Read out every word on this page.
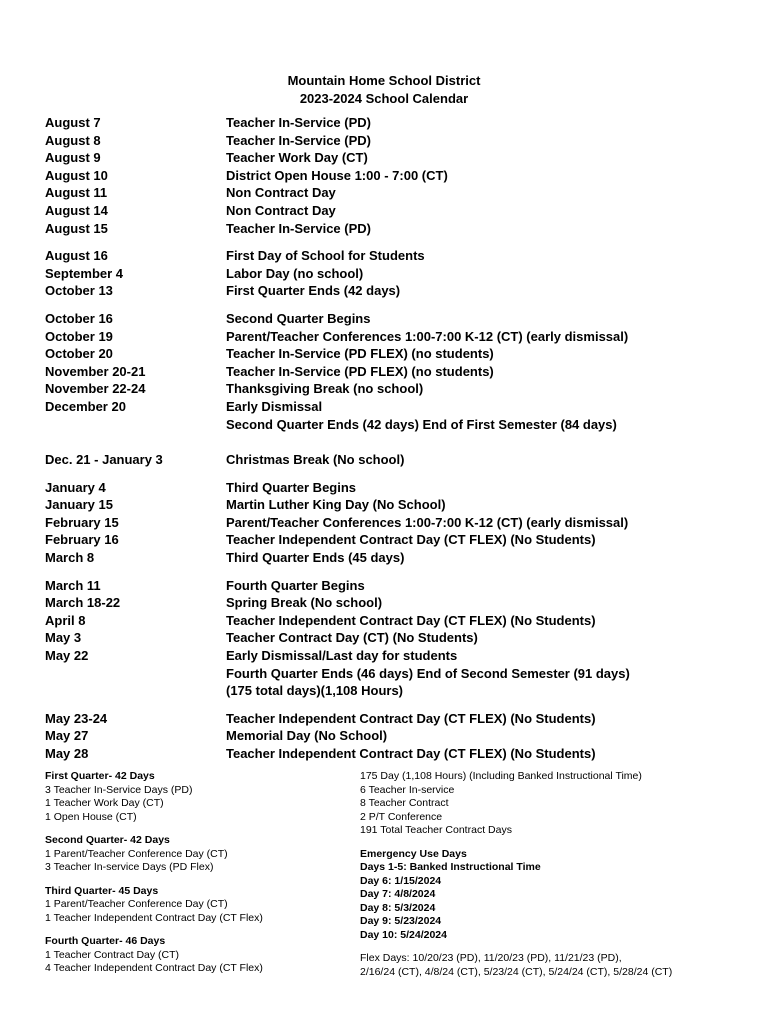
Mountain Home School District
2023-2024 School Calendar
August 7	Teacher In-Service (PD)
August 8	Teacher In-Service (PD)
August 9	Teacher Work Day (CT)
August 10	District Open House 1:00 - 7:00 (CT)
August 11	Non Contract Day
August 14	Non Contract Day
August 15	Teacher In-Service (PD)
August 16	First Day of School for Students
September 4	Labor Day (no school)
October 13	First Quarter Ends (42 days)
October 16	Second Quarter Begins
October 19	Parent/Teacher Conferences 1:00-7:00 K-12 (CT) (early dismissal)
October 20	Teacher In-Service (PD FLEX) (no students)
November 20-21	Teacher In-Service (PD FLEX) (no students)
November 22-24	Thanksgiving Break (no school)
December 20	Early Dismissal
Second Quarter Ends (42 days) End of First Semester (84 days)
Dec. 21 - January 3	Christmas Break (No school)
January 4	Third Quarter Begins
January 15	Martin Luther King Day (No School)
February 15	Parent/Teacher Conferences 1:00-7:00 K-12 (CT) (early dismissal)
February 16	Teacher Independent Contract Day (CT FLEX) (No Students)
March 8	Third Quarter Ends (45 days)
March 11	Fourth Quarter Begins
March 18-22	Spring Break (No school)
April 8	Teacher Independent Contract Day (CT FLEX) (No Students)
May 3	Teacher Contract Day (CT) (No Students)
May 22	Early Dismissal/Last day for students
Fourth Quarter Ends (46 days) End of Second Semester (91 days)
(175 total days)(1,108 Hours)
May 23-24	Teacher Independent Contract Day (CT FLEX) (No Students)
May 27	Memorial Day (No School)
May 28	Teacher Independent Contract Day (CT FLEX) (No Students)
First Quarter- 42 Days
3 Teacher In-Service Days (PD)
1 Teacher Work Day (CT)
1 Open House (CT)
Second Quarter- 42 Days
1 Parent/Teacher Conference Day (CT)
3 Teacher In-service Days (PD Flex)
Third Quarter- 45 Days
1 Parent/Teacher Conference Day (CT)
1 Teacher Independent Contract Day (CT Flex)
Fourth Quarter- 46 Days
1 Teacher Contract Day (CT)
4 Teacher Independent Contract Day (CT Flex)
175 Day (1,108 Hours) (Including Banked Instructional Time)
6 Teacher In-service
8 Teacher Contract
2 P/T Conference
191 Total Teacher Contract Days
Emergency Use Days
Days 1-5: Banked Instructional Time
Day 6: 1/15/2024
Day 7: 4/8/2024
Day 8: 5/3/2024
Day 9: 5/23/2024
Day 10: 5/24/2024
Flex Days: 10/20/23 (PD), 11/20/23 (PD), 11/21/23 (PD),
2/16/24 (CT), 4/8/24 (CT), 5/23/24 (CT), 5/24/24 (CT), 5/28/24 (CT)
